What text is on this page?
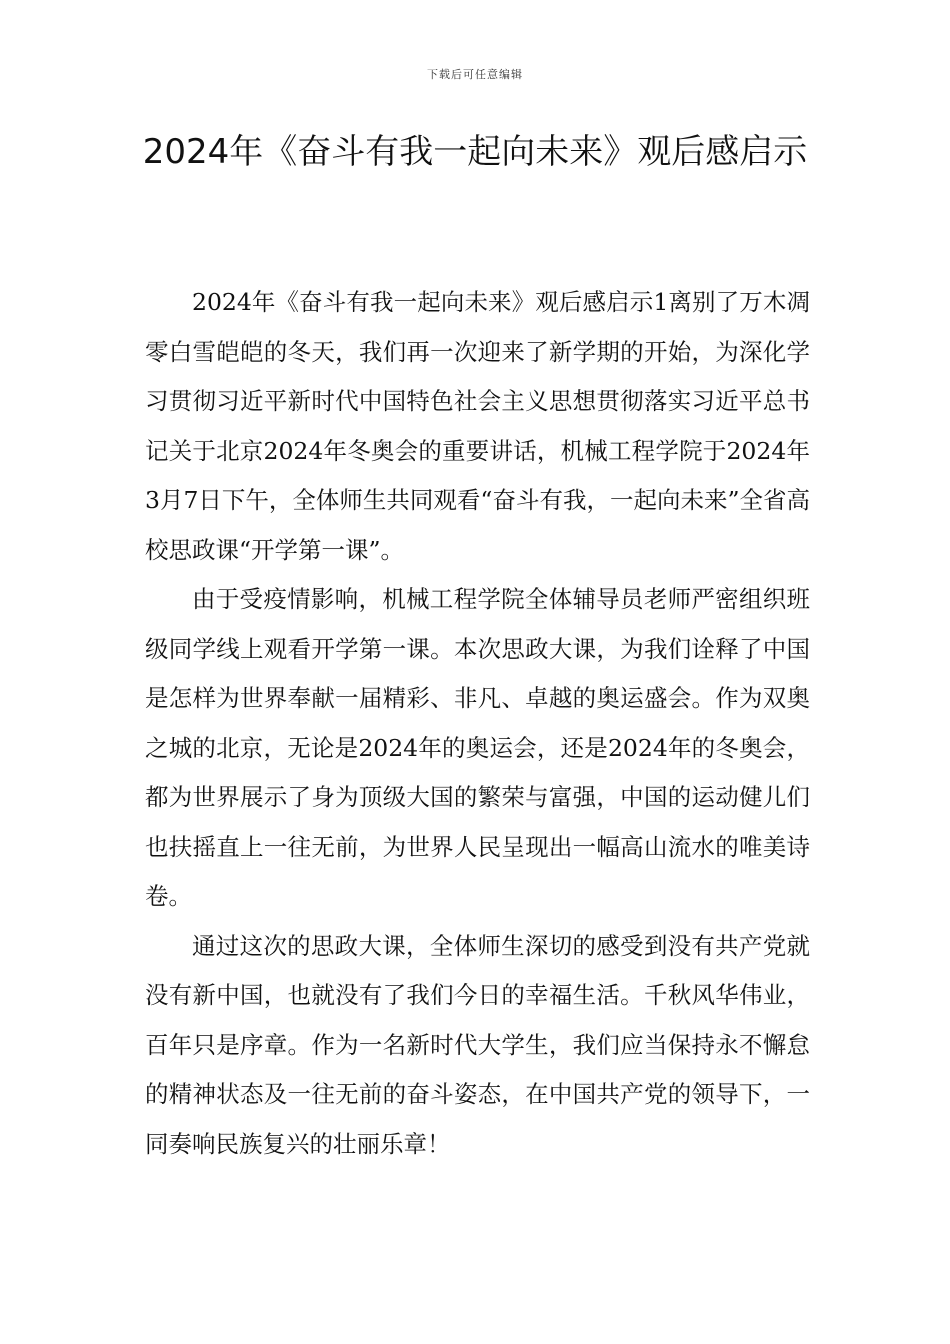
下载后可任意编辑
2024年《奋斗有我一起向未来》观后感启示

2024年《奋斗有我一起向未来》观后感启示1离别了万木凋零白雪皑皑的冬天，我们再一次迎来了新学期的开始，为深化学习贯彻习近平新时代中国特色社会主义思想贯彻落实习近平总书记关于北京2024年冬奥会的重要讲话，机械工程学院于2024年3月7日下午，全体师生共同观看“奋斗有我，一起向未来”全省高校思政课“开学第一课”。

由于受疫情影响，机械工程学院全体辅导员老师严密组织班级同学线上观看开学第一课。本次思政大课，为我们诠释了中国是怎样为世界奉献一届精彩、非凡、卓越的奥运盛会。作为双奥之城的北京，无论是2024年的奥运会，还是2024年的冬奥会，都为世界展示了身为顶级大国的繁荣与富强，中国的运动健儿们也扶摇直上一往无前，为世界人民呈现出一幅高山流水的唯美诗卷。

通过这次的思政大课，全体师生深切的感受到没有共产党就没有新中国，也就没有了我们今日的幸福生活。千秋风华伟业，百年只是序章。作为一名新时代大学生，我们应当保持永不懈怠的精神状态及一往无前的奋斗姿态，在中国共产党的领导下，一同奏响民族复兴的壮丽乐章！
